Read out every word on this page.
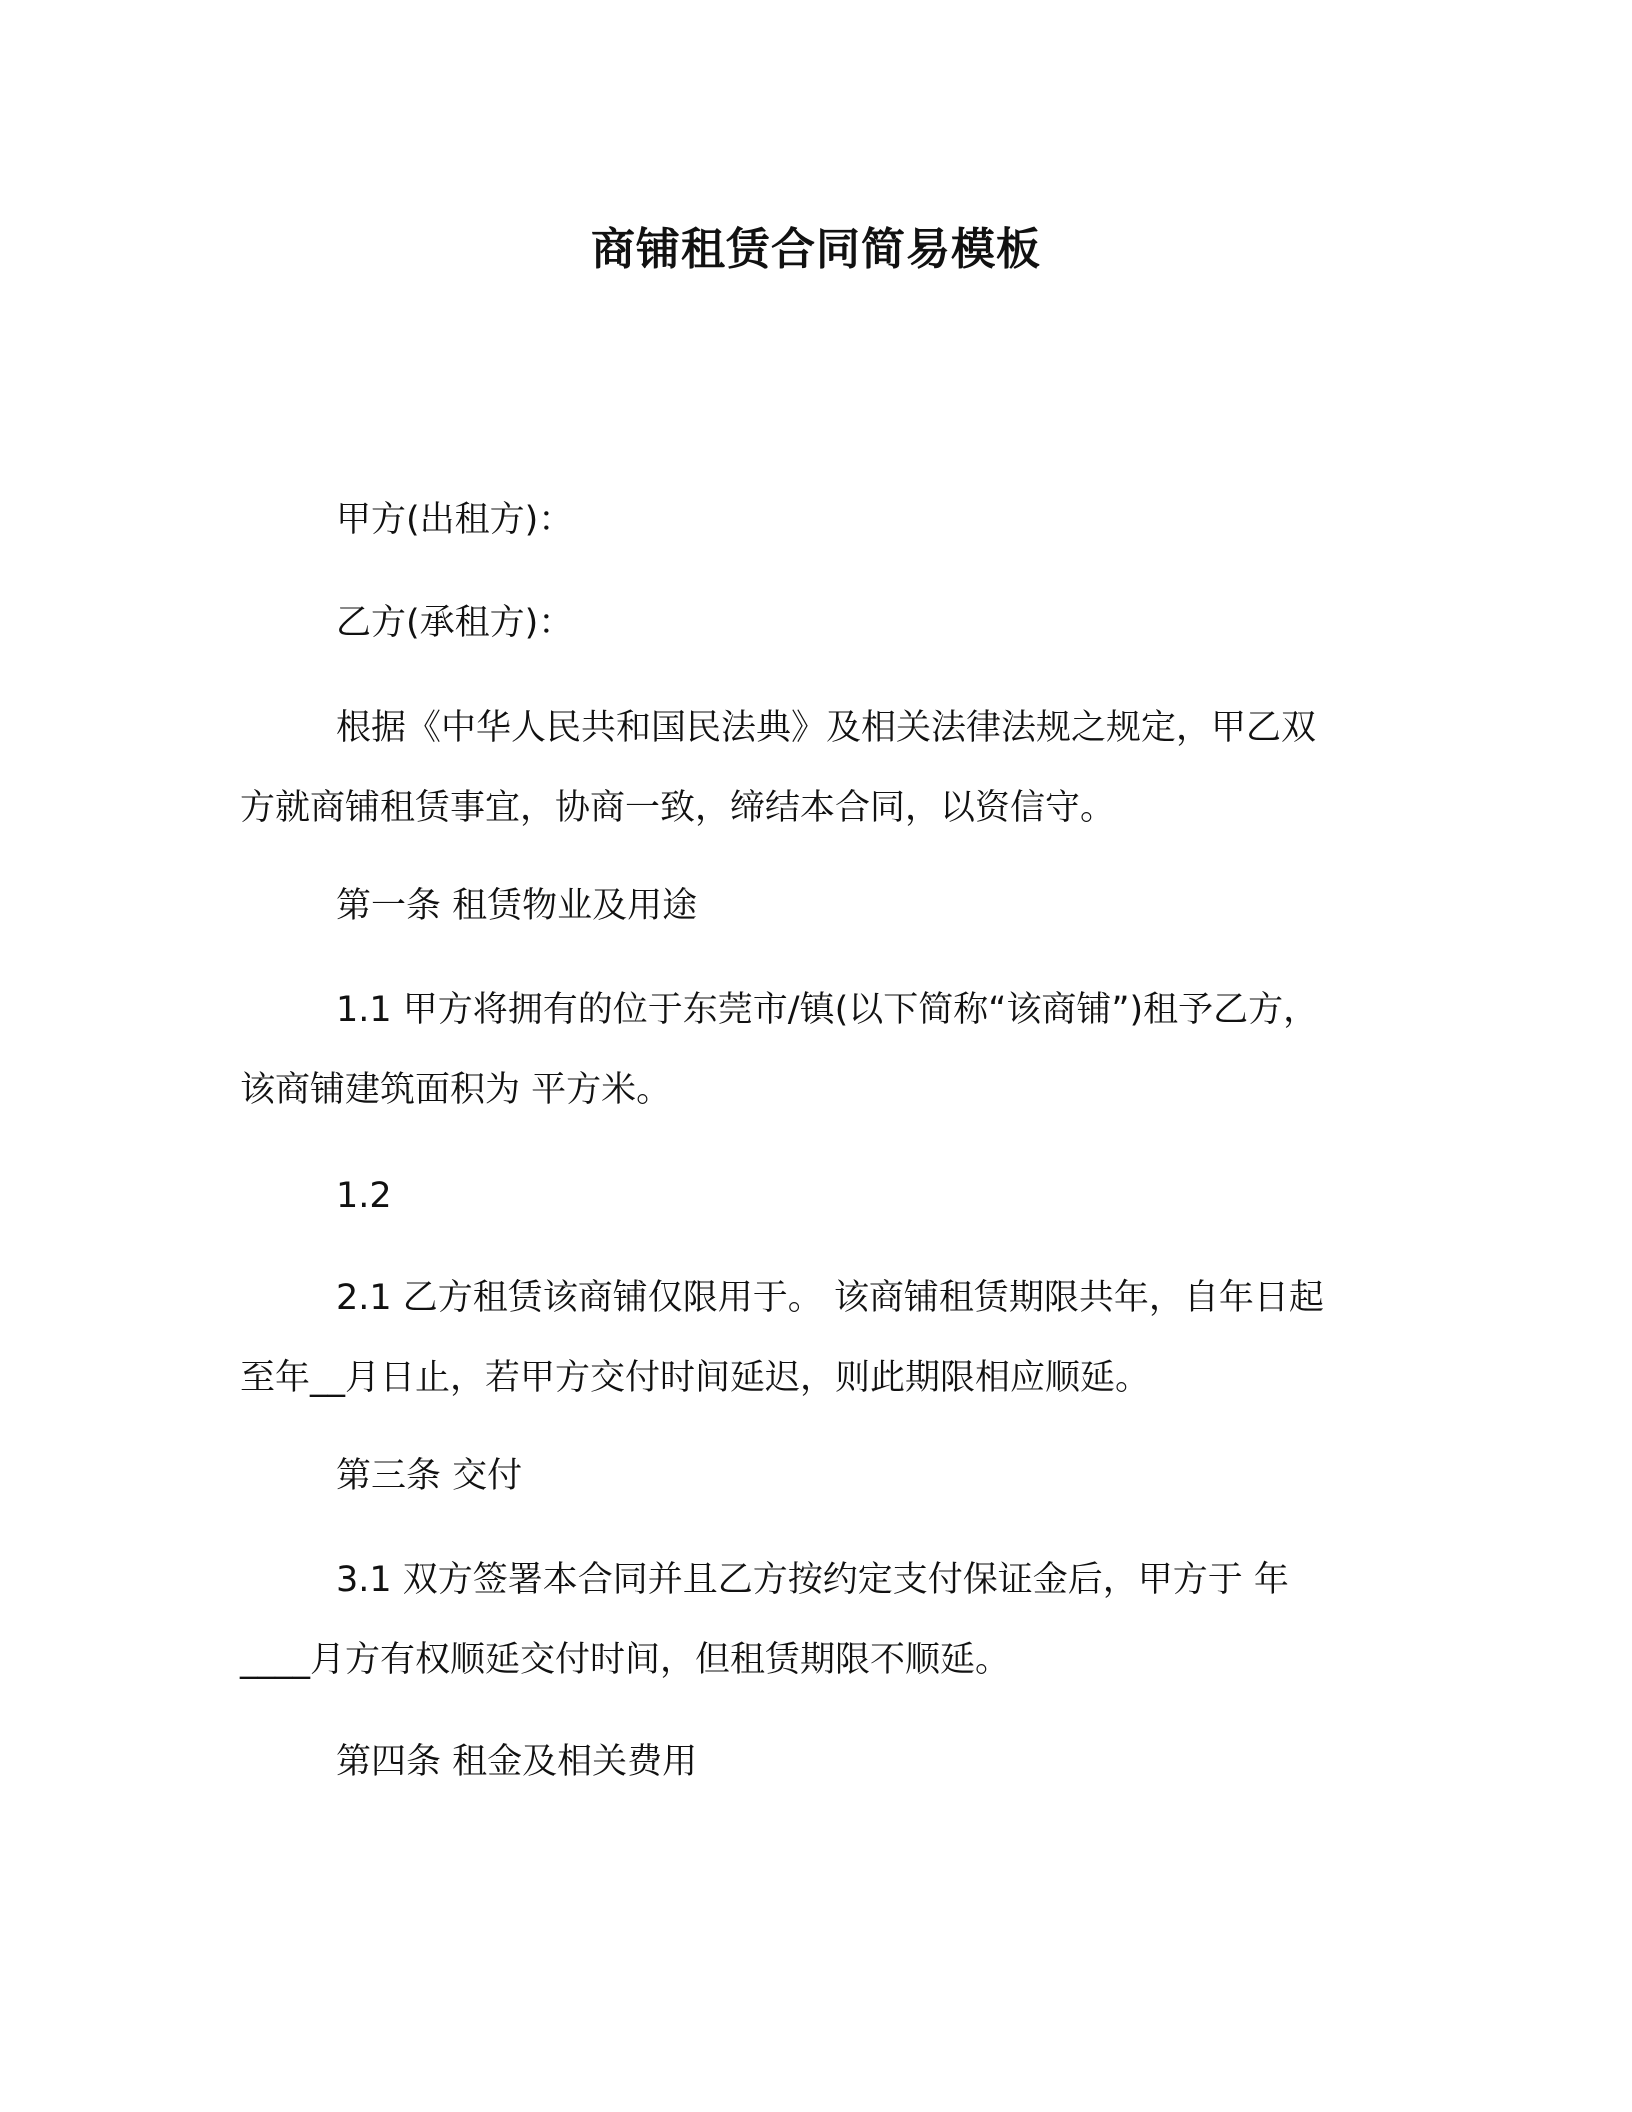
商铺租赁合同简易模板
甲方(出租方)：
乙方(承租方)：
根据《中华人民共和国民法典》及相关法律法规之规定，甲乙双
方就商铺租赁事宜，协商一致，缔结本合同，以资信守。
第一条 租赁物业及用途
1.1 甲方将拥有的位于东莞市/镇(以下简称“该商铺”)租予乙方，
该商铺建筑面积为 平方米。
1.2
2.1 乙方租赁该商铺仅限用于。 该商铺租赁期限共年，自年日起
至年__月日止，若甲方交付时间延迟，则此期限相应顺延。
第三条 交付
3.1 双方签署本合同并且乙方按约定支付保证金后，甲方于 年
____月方有权顺延交付时间，但租赁期限不顺延。
第四条 租金及相关费用
